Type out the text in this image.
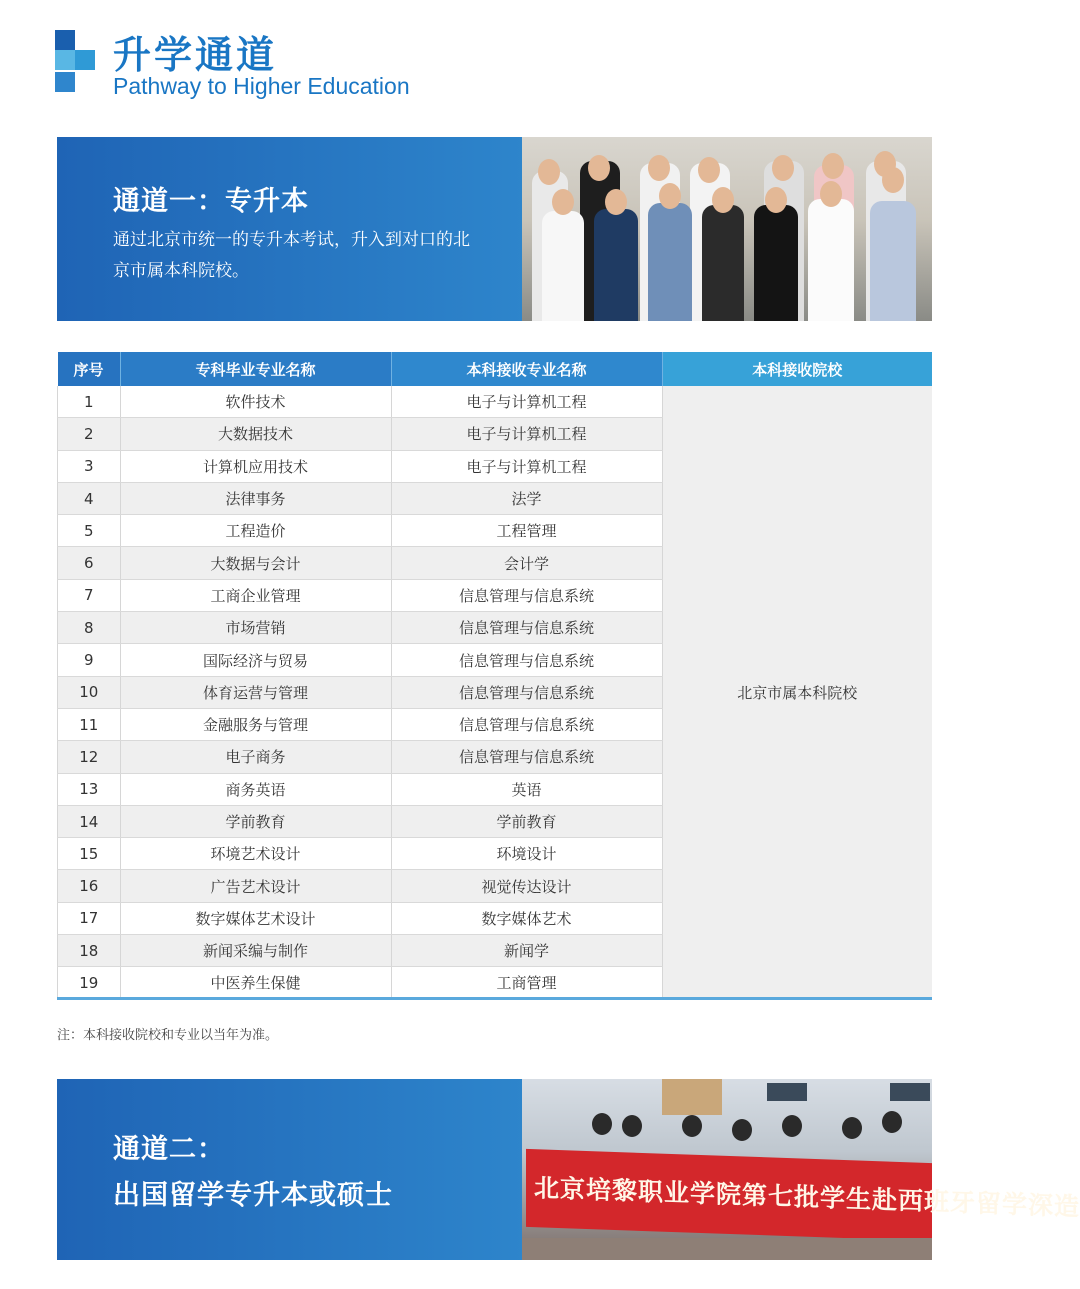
升学通道
Pathway to Higher Education
通道一：专升本
通过北京市统一的专升本考试，升入到对口的北京市属本科院校。
序号	专科毕业专业名称	本科接收专业名称	本科接收院校
1	软件技术	电子与计算机工程	北京市属本科院校
2	大数据技术	电子与计算机工程	
3	计算机应用技术	电子与计算机工程	
4	法律事务	法学	
5	工程造价	工程管理	
6	大数据与会计	会计学	
7	工商企业管理	信息管理与信息系统	
8	市场营销	信息管理与信息系统	
9	国际经济与贸易	信息管理与信息系统	
10	体育运营与管理	信息管理与信息系统	
11	金融服务与管理	信息管理与信息系统	
12	电子商务	信息管理与信息系统	
13	商务英语	英语	
14	学前教育	学前教育	
15	环境艺术设计	环境设计	
16	广告艺术设计	视觉传达设计	
17	数字媒体艺术设计	数字媒体艺术	
18	新闻采编与制作	新闻学	
19	中医养生保健	工商管理	
注：本科接收院校和专业以当年为准。
通道二：
出国留学专升本或硕士	北京培黎职业学院第七批学生赴西班牙留学深造
